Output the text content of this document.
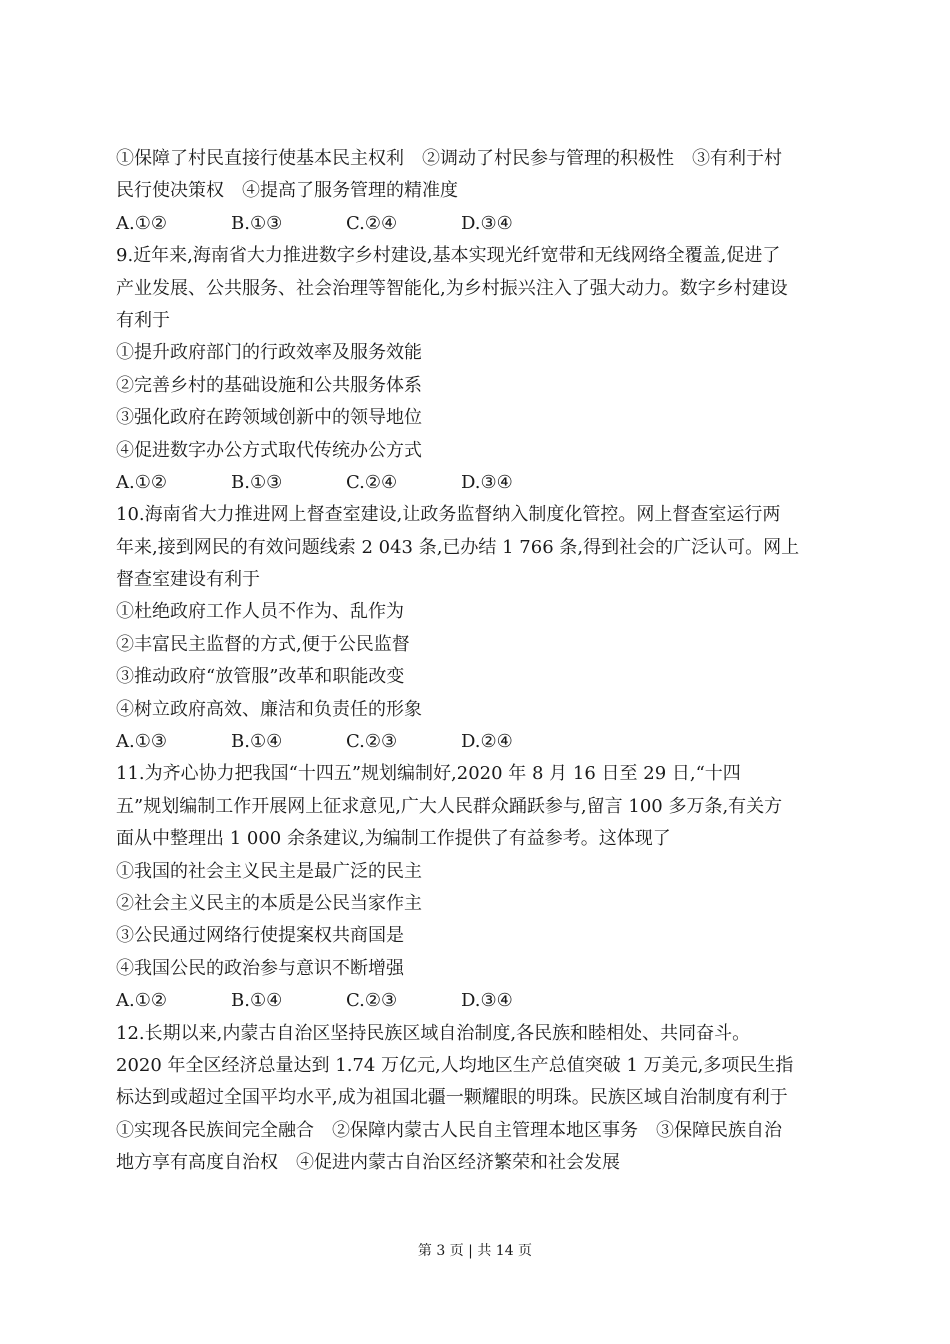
①保障了村民直接行使基本民主权利　②调动了村民参与管理的积极性　③有利于村
民行使决策权　④提高了服务管理的精准度
A.①②	B.①③	C.②④	D.③④
9.近年来,海南省大力推进数字乡村建设,基本实现光纤宽带和无线网络全覆盖,促进了
产业发展、公共服务、社会治理等智能化,为乡村振兴注入了强大动力。数字乡村建设
有利于
①提升政府部门的行政效率及服务效能
②完善乡村的基础设施和公共服务体系
③强化政府在跨领域创新中的领导地位
④促进数字办公方式取代传统办公方式
A.①②	B.①③	C.②④	D.③④
10.海南省大力推进网上督查室建设,让政务监督纳入制度化管控。网上督查室运行两
年来,接到网民的有效问题线索 2 043 条,已办结 1 766 条,得到社会的广泛认可。网上
督查室建设有利于
①杜绝政府工作人员不作为、乱作为
②丰富民主监督的方式,便于公民监督
③推动政府“放管服”改革和职能改变
④树立政府高效、廉洁和负责任的形象
A.①③	B.①④	C.②③	D.②④
11.为齐心协力把我国“十四五”规划编制好,2020 年 8 月 16 日至 29 日,“十四
五”规划编制工作开展网上征求意见,广大人民群众踊跃参与,留言 100 多万条,有关方
面从中整理出 1 000 余条建议,为编制工作提供了有益参考。这体现了
①我国的社会主义民主是最广泛的民主
②社会主义民主的本质是公民当家作主
③公民通过网络行使提案权共商国是
④我国公民的政治参与意识不断增强
A.①②	B.①④	C.②③	D.③④
12.长期以来,内蒙古自治区坚持民族区域自治制度,各民族和睦相处、共同奋斗。
2020 年全区经济总量达到 1.74 万亿元,人均地区生产总值突破 1 万美元,多项民生指
标达到或超过全国平均水平,成为祖国北疆一颗耀眼的明珠。民族区域自治制度有利于
①实现各民族间完全融合　②保障内蒙古人民自主管理本地区事务　③保障民族自治
地方享有高度自治权　④促进内蒙古自治区经济繁荣和社会发展
第 3 页 | 共 14 页
